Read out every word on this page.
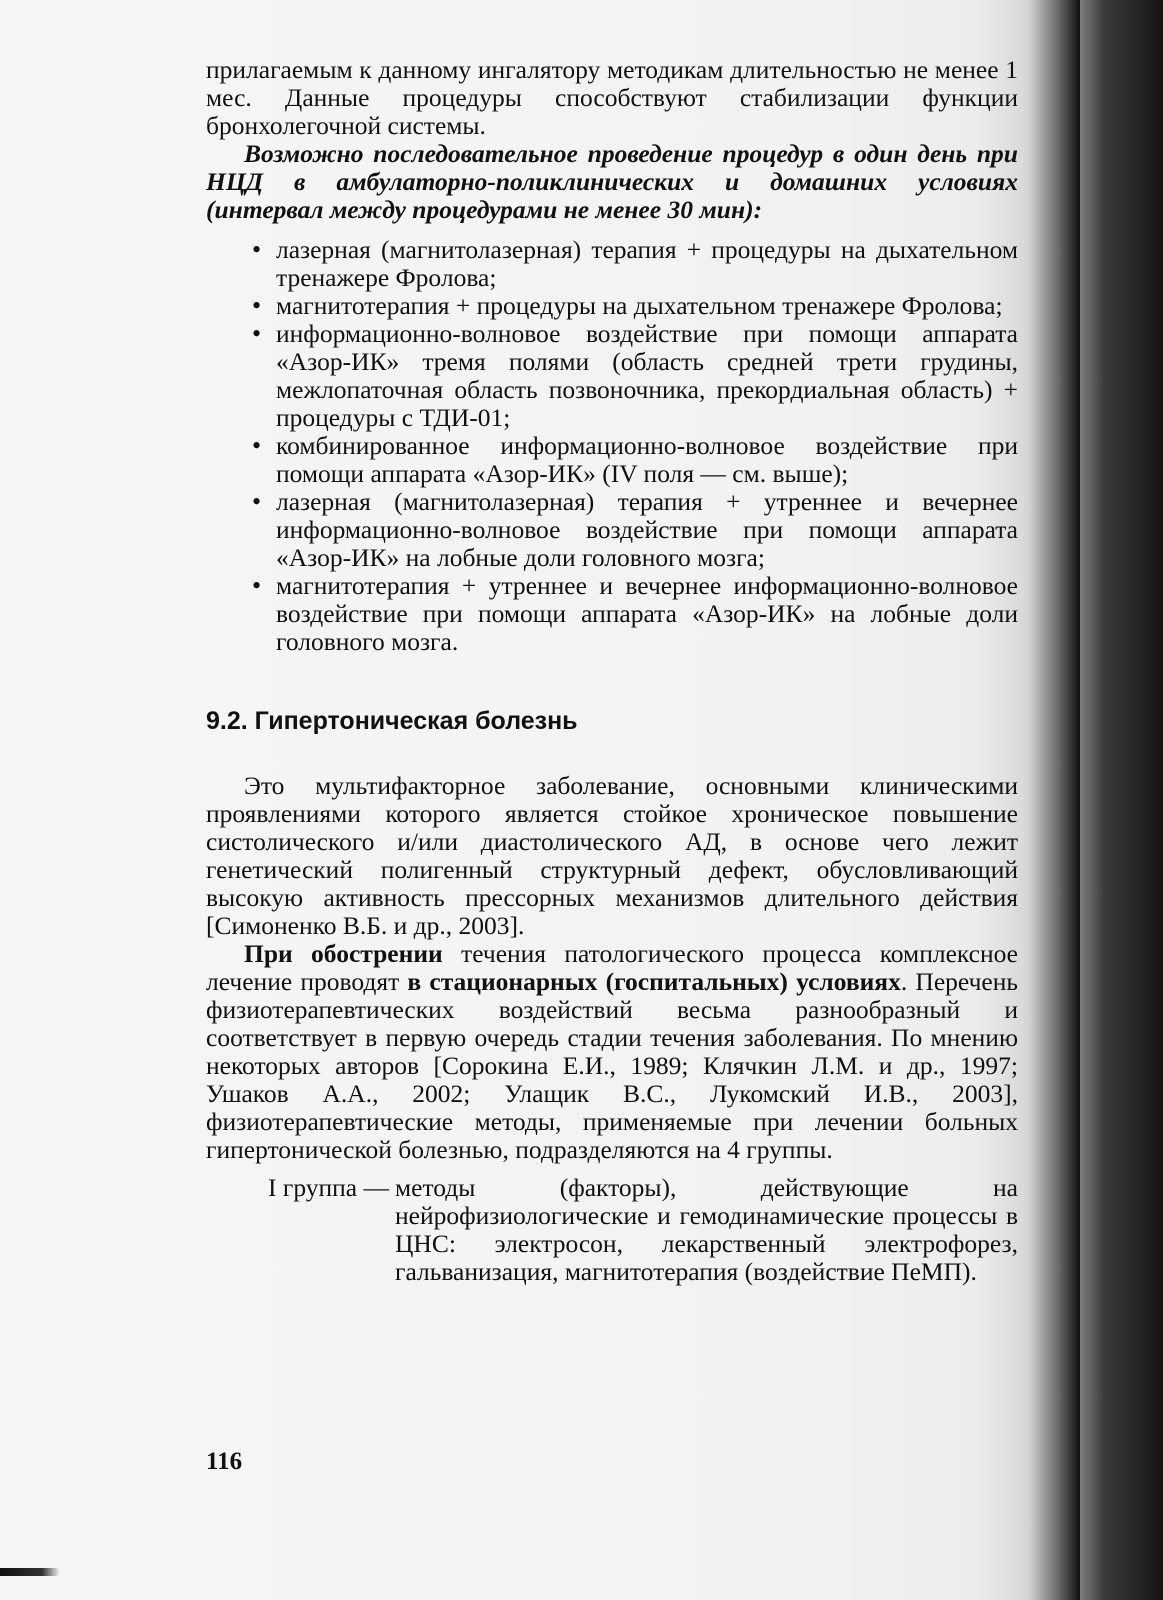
прилагаемым к данному ингалятору методикам длительностью не менее 1 мес. Данные процедуры способствуют стабилизации функции бронхолегочной системы.

Возможно последовательное проведение процедур в один день при НЦД в амбулаторно-поликлинических и домашних условиях (интервал между процедурами не менее 30 мин):

• лазерная (магнитолазерная) терапия + процедуры на дыхательном тренажере Фролова;
• магнитотерапия + процедуры на дыхательном тренажере Фролова;
• информационно-волновое воздействие при помощи аппарата «Азор-ИК» тремя полями (область средней трети грудины, межлопаточная область позвоночника, прекордиальная область) + процедуры с ТДИ-01;
• комбинированное информационно-волновое воздействие при помощи аппарата «Азор-ИК» (IV поля — см. выше);
• лазерная (магнитолазерная) терапия + утреннее и вечернее информационно-волновое воздействие при помощи аппарата «Азор-ИК» на лобные доли головного мозга;
• магнитотерапия + утреннее и вечернее информационно-волновое воздействие при помощи аппарата «Азор-ИК» на лобные доли головного мозга.
9.2. Гипертоническая болезнь

Это мультифакторное заболевание, основными клиническими проявлениями которого является стойкое хроническое повышение систолического и/или диастолического АД, в основе чего лежит генетический полигенный структурный дефект, обусловливающий высокую активность прессорных механизмов длительного действия [Симоненко В.Б. и др., 2003].

При обострении течения патологического процесса комплексное лечение проводят в стационарных (госпитальных) условиях. Перечень физиотерапевтических воздействий весьма разнообразный и соответствует в первую очередь стадии течения заболевания. По мнению некоторых авторов [Сорокина Е.И., 1989; Клячкин Л.М. и др., 1997; Ушаков А.А., 2002; Улащик В.С., Лукомский И.В., 2003], физиотерапевтические методы, применяемые при лечении больных гипертонической болезнью, подразделяются на 4 группы.

I группа — методы (факторы), действующие на нейрофизиологические и гемодинамические процессы в ЦНС: электросон, лекарственный электрофорез, гальванизация, магнитотерапия (воздействие ПеМП).
116
